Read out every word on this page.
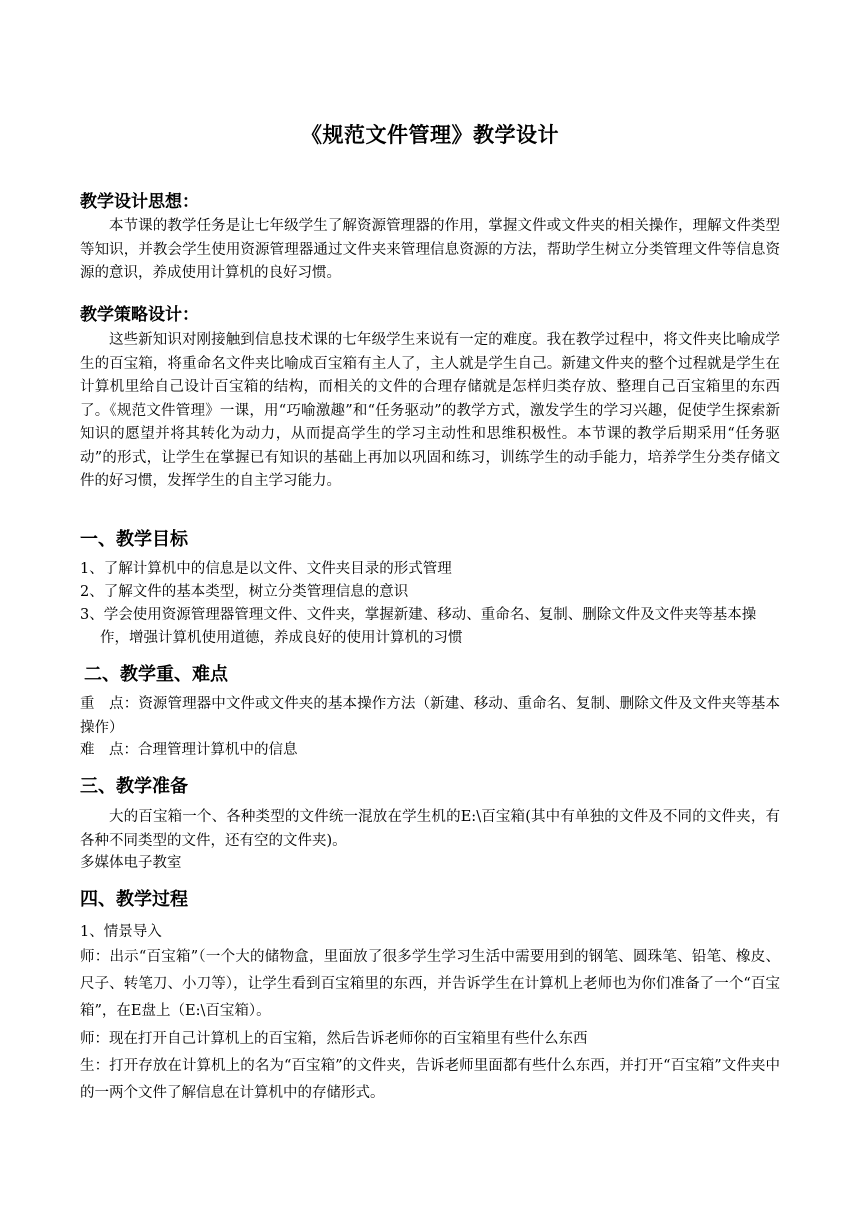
《规范文件管理》教学设计
教学设计思想：

本节课的教学任务是让七年级学生了解资源管理器的作用，掌握文件或文件夹的相关操作，理解文件类型等知识，并教会学生使用资源管理器通过文件夹来管理信息资源的方法，帮助学生树立分类管理文件等信息资源的意识，养成使用计算机的良好习惯。

教学策略设计：

这些新知识对刚接触到信息技术课的七年级学生来说有一定的难度。我在教学过程中，将文件夹比喻成学生的百宝箱，将重命名文件夹比喻成百宝箱有主人了，主人就是学生自己。新建文件夹的整个过程就是学生在计算机里给自己设计百宝箱的结构，而相关的文件的合理存储就是怎样归类存放、整理自己百宝箱里的东西了。《规范文件管理》一课，用“巧喻激趣”和“任务驱动”的教学方式，激发学生的学习兴趣，促使学生探索新知识的愿望并将其转化为动力，从而提高学生的学习主动性和思维积极性。本节课的教学后期采用“任务驱动”的形式，让学生在掌握已有知识的基础上再加以巩固和练习，训练学生的动手能力，培养学生分类存储文件的好习惯，发挥学生的自主学习能力。

一、教学目标
1、了解计算机中的信息是以文件、文件夹目录的形式管理
2、了解文件的基本类型，树立分类管理信息的意识
3、学会使用资源管理器管理文件、文件夹，掌握新建、移动、重命名、复制、删除文件及文件夹等基本操作，增强计算机使用道德，养成良好的使用计算机的习惯
二、教学重、难点

重　点：资源管理器中文件或文件夹的基本操作方法（新建、移动、重命名、复制、删除文件及文件夹等基本操作）

难　点：合理管理计算机中的信息

三、教学准备

大的百宝箱一个、各种类型的文件统一混放在学生机的E:\百宝箱(其中有单独的文件及不同的文件夹，有各种不同类型的文件，还有空的文件夹)。

多媒体电子教室

四、教学过程

1、情景导入

师：出示“百宝箱”（一个大的储物盒，里面放了很多学生学习生活中需要用到的钢笔、圆珠笔、铅笔、橡皮、尺子、转笔刀、小刀等），让学生看到百宝箱里的东西，并告诉学生在计算机上老师也为你们准备了一个“百宝箱”，在E盘上（E:\百宝箱）。

师：现在打开自己计算机上的百宝箱，然后告诉老师你的百宝箱里有些什么东西

生：打开存放在计算机上的名为“百宝箱”的文件夹，告诉老师里面都有些什么东西，并打开“百宝箱”文件夹中的一两个文件了解信息在计算机中的存储形式。
